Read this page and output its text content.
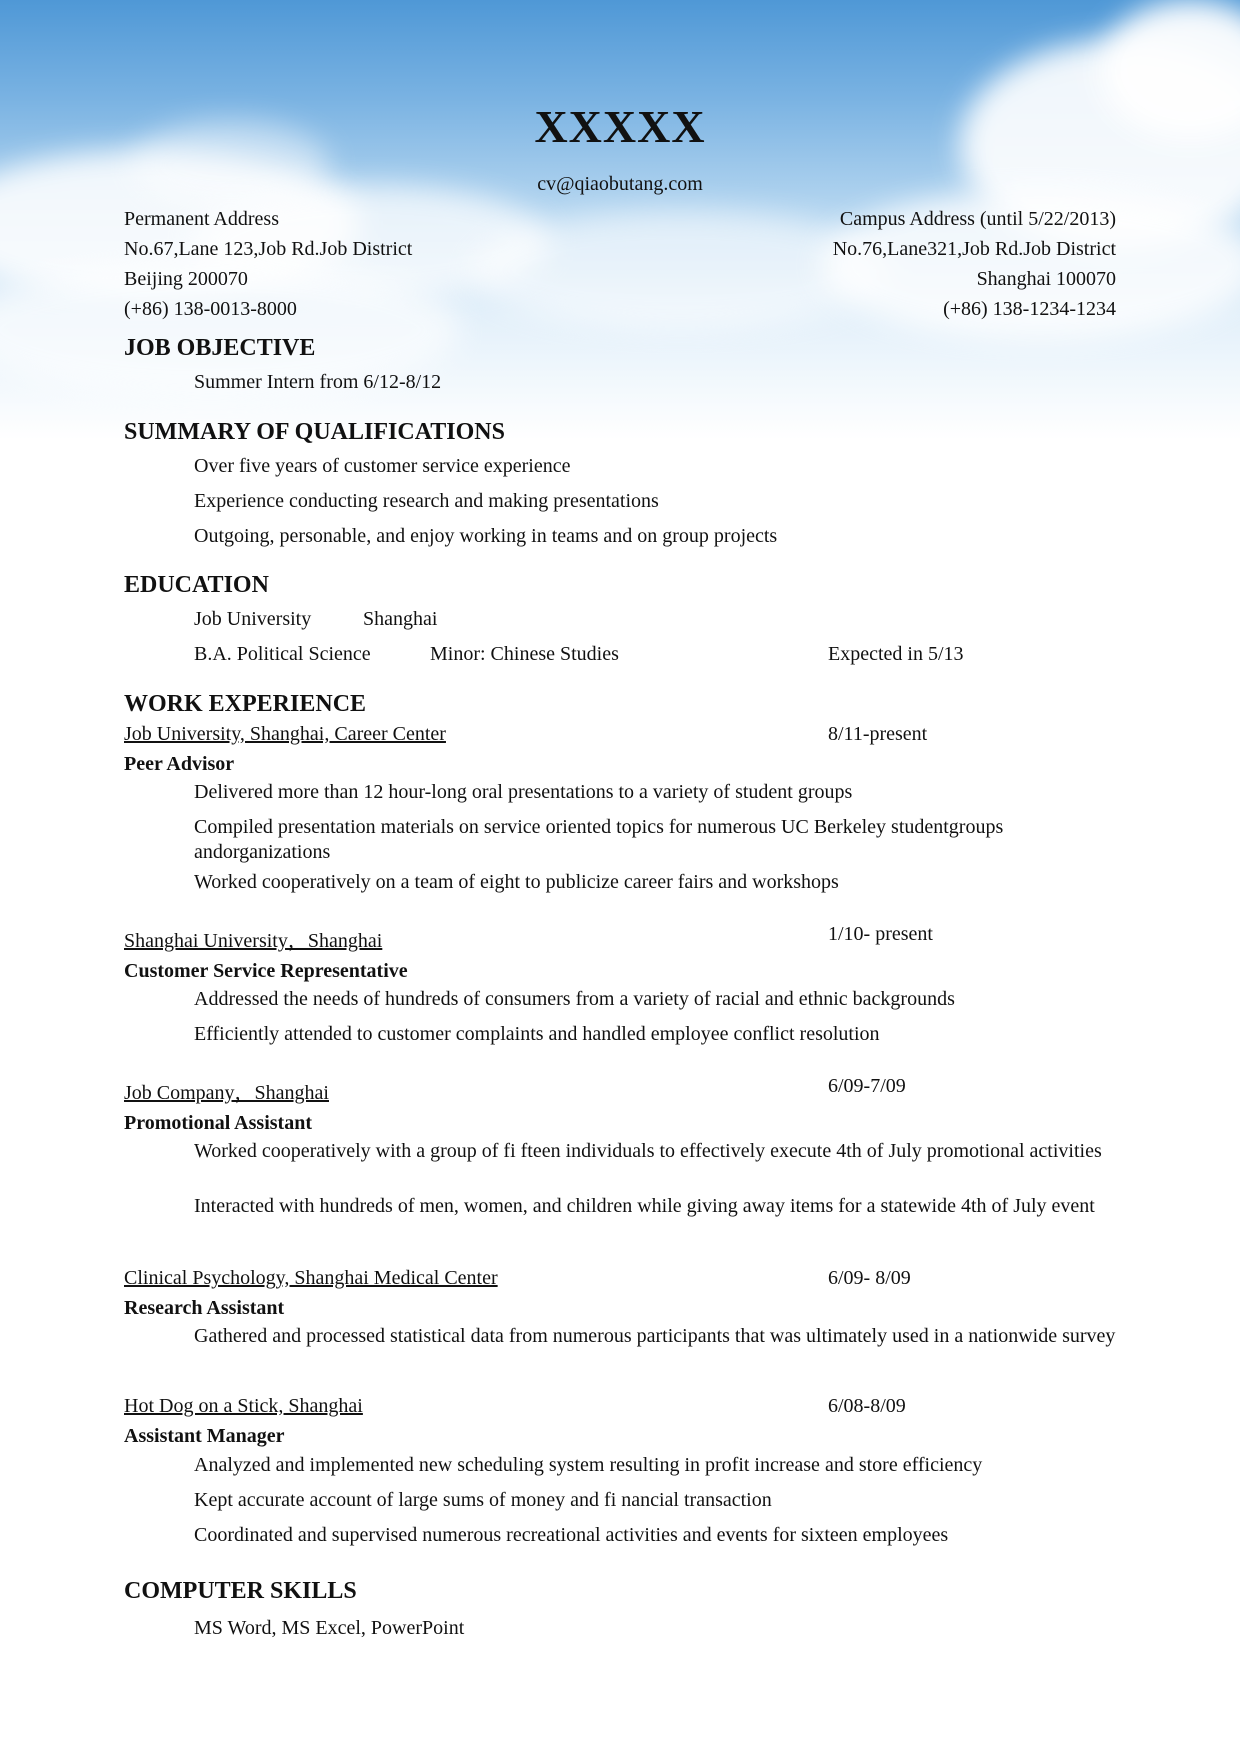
XXXXX
cv@qiaobutang.com
Permanent Address
No.67,Lane 123,Job Rd.Job District
Beijing 200070
(+86) 138-0013-8000
Campus Address (until 5/22/2013)
No.76,Lane321,Job Rd.Job District
Shanghai 100070
(+86) 138-1234-1234
JOB OBJECTIVE
Summer Intern from 6/12-8/12
SUMMARY OF QUALIFICATIONS
Over five years of customer service experience
Experience conducting research and making presentations
Outgoing, personable, and enjoy working in teams and on group projects
EDUCATION
Job University	Shanghai
B.A. Political Science	Minor: Chinese Studies	Expected in 5/13
WORK EXPERIENCE
Job University, Shanghai, Career Center	8/11-present
Peer Advisor
Delivered more than 12 hour-long oral presentations to a variety of student groups
Compiled presentation materials on service oriented topics for numerous UC Berkeley studentgroups andorganizations
Worked cooperatively on a team of eight to publicize career fairs and workshops
Shanghai University，Shanghai	1/10- present
Customer Service Representative
Addressed the needs of hundreds of consumers from a variety of racial and ethnic backgrounds
Efficiently attended to customer complaints and handled employee conflict resolution
Job Company，Shanghai	6/09-7/09
Promotional Assistant
Worked cooperatively with a group of fi fteen individuals to effectively execute 4th of July promotional activities
Interacted with hundreds of men, women, and children while giving away items for a statewide 4th of July event
Clinical Psychology, Shanghai Medical Center	6/09- 8/09
Research Assistant
Gathered and processed statistical data from numerous participants that was ultimately used in a nationwide survey
Hot Dog on a Stick, Shanghai	6/08-8/09
Assistant Manager
Analyzed and implemented new scheduling system resulting in profit increase and store efficiency
Kept accurate account of large sums of money and fi nancial transaction
Coordinated and supervised numerous recreational activities and events for sixteen employees
COMPUTER SKILLS
MS Word, MS Excel, PowerPoint
